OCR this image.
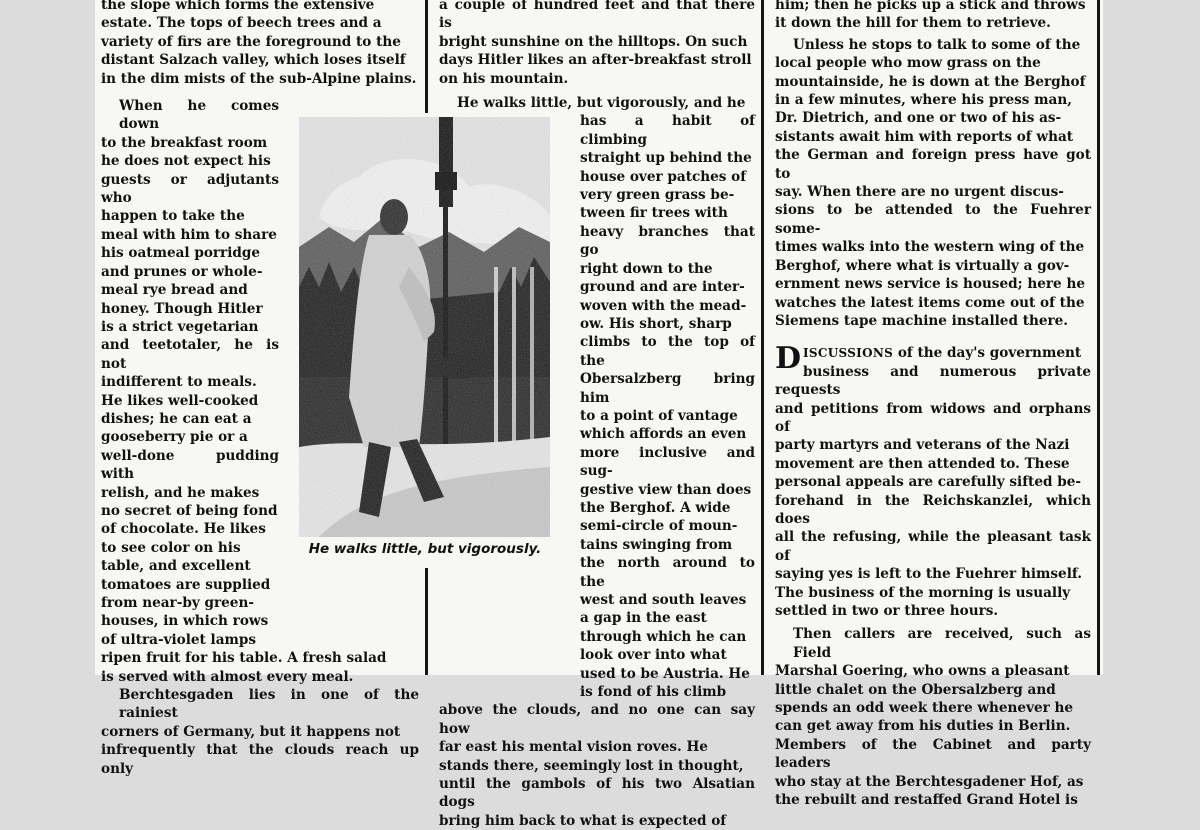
the slope which forms the extensive
estate. The tops of beech trees and a
variety of firs are the foreground to the
distant Salzach valley, which loses itself
in the dim mists of the sub-Alpine plains.
When he comes down
to the breakfast room
he does not expect his
guests or adjutants who
happen to take the
meal with him to share
his oatmeal porridge
and prunes or whole-
meal rye bread and
honey. Though Hitler
is a strict vegetarian
and teetotaler, he is not
indifferent to meals.
He likes well-cooked
dishes; he can eat a
gooseberry pie or a
well-done pudding with
relish, and he makes
no secret of being fond
of chocolate. He likes
to see color on his
table, and excellent
tomatoes are supplied
from near-by green-
houses, in which rows
of ultra-violet lamps
ripen fruit for his table. A fresh salad
is served with almost every meal.
Berchtesgaden lies in one of the rainiest
corners of Germany, but it happens not
infrequently that the clouds reach up only
a couple of hundred feet and that there is
bright sunshine on the hilltops. On such
days Hitler likes an after-breakfast stroll
on his mountain.
He walks little, but vigorously, and he
has a habit of climbing
straight up behind the
house over patches of
very green grass be-
tween fir trees with
heavy branches that go
right down to the
ground and are inter-
woven with the mead-
ow. His short, sharp
climbs to the top of the
Obersalzberg bring him
to a point of vantage
which affords an even
more inclusive and sug-
gestive view than does
the Berghof. A wide
semi-circle of moun-
tains swinging from
the north around to the
west and south leaves
a gap in the east
through which he can
look over into what
used to be Austria. He
is fond of his climb
above the clouds, and no one can say how
far east his mental vision roves. He
stands there, seemingly lost in thought,
until the gambols of his two Alsatian dogs
bring him back to what is expected of
He walks little, but vigorously.
him; then he picks up a stick and throws
it down the hill for them to retrieve.
Unless he stops to talk to some of the
local people who mow grass on the
mountainside, he is down at the Berghof
in a few minutes, where his press man,
Dr. Dietrich, and one or two of his as-
sistants await him with reports of what
the German and foreign press have got to
say. When there are no urgent discus-
sions to be attended to the Fuehrer some-
times walks into the western wing of the
Berghof, where what is virtually a gov-
ernment news service is housed; here he
watches the latest items come out of the
Siemens tape machine installed there.
DISCUSSIONS of the day's government
business and numerous private requests
and petitions from widows and orphans of
party martyrs and veterans of the Nazi
movement are then attended to. These
personal appeals are carefully sifted be-
forehand in the Reichskanzlei, which does
all the refusing, while the pleasant task of
saying yes is left to the Fuehrer himself.
The business of the morning is usually
settled in two or three hours.
Then callers are received, such as Field
Marshal Goering, who owns a pleasant
little chalet on the Obersalzberg and
spends an odd week there whenever he
can get away from his duties in Berlin.
Members of the Cabinet and party leaders
who stay at the Berchtesgadener Hof, as
the rebuilt and restaffed Grand Hotel is
